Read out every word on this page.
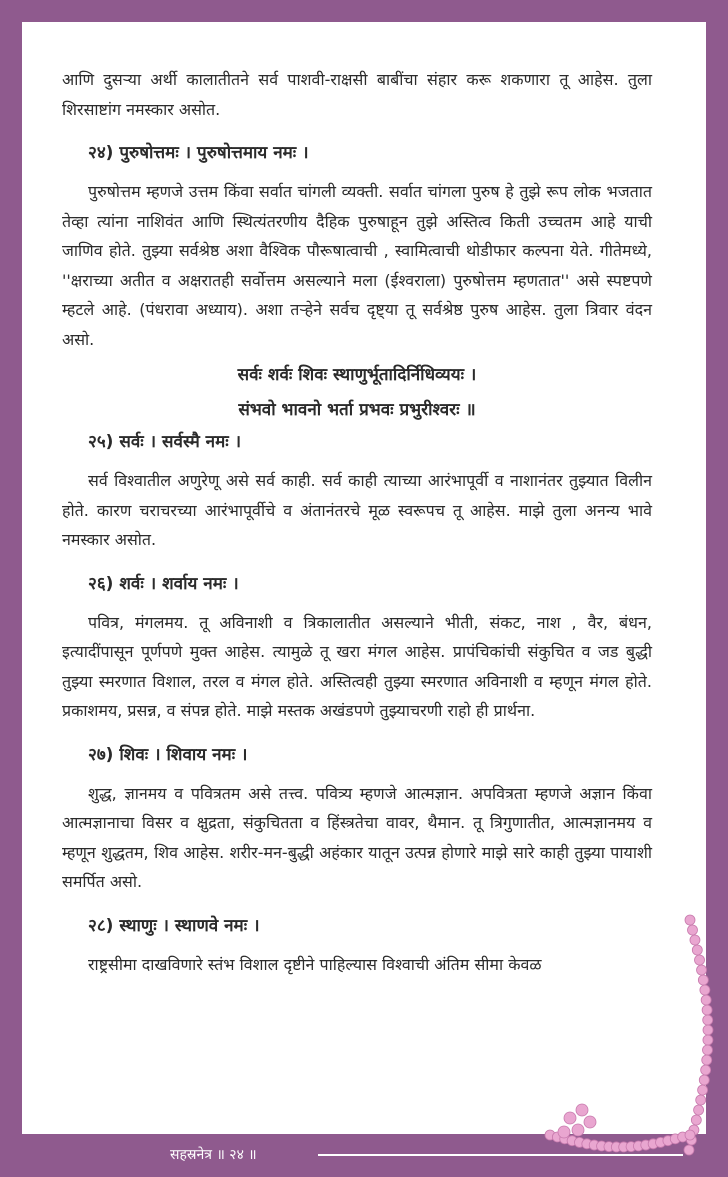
आणि दुसऱ्या अर्थी कालातीतने सर्व पाशवी-राक्षसी बाबींचा संहार करू शकणारा तू आहेस. तुला शिरसाष्टांग नमस्कार असोत.

२४) पुरुषोत्तमः । पुरुषोत्तमाय नमः ।

पुरुषोत्तम म्हणजे उत्तम किंवा सर्वात चांगली व्यक्ती. सर्वात चांगला पुरुष हे तुझे रूप लोक भजतात तेव्हा त्यांना नाशिवंत आणि स्थित्यंतरणीय दैहिक पुरुषाहून तुझे अस्तित्व किती उच्चतम आहे याची जाणिव होते. तुझ्या सर्वश्रेष्ठ अशा वैश्विक पौरूषात्वाची , स्वामित्वाची थोडीफार कल्पना येते. गीतेमध्ये, ''क्षराच्या अतीत व अक्षरातही सर्वोत्तम असल्याने मला (ईश्वराला) पुरुषोत्तम म्हणतात'' असे स्पष्टपणे म्हटले आहे. (पंधरावा अध्याय). अशा तऱ्हेने सर्वच दृष्ट्या तू सर्वश्रेष्ठ पुरुष आहेस. तुला त्रिवार वंदन असो.

सर्वः शर्वः शिवः स्थाणुर्भूतादिर्निधिव्ययः ।
संभवो भावनो भर्ता प्रभवः प्रभुरीश्वरः ॥
२५) सर्वः । सर्वस्मै नमः ।

सर्व विश्वातील अणुरेणू असे सर्व काही. सर्व काही त्याच्या आरंभापूर्वी व नाशानंतर तुझ्यात विलीन होते. कारण चराचरच्या आरंभापूर्वीचे व अंतानंतरचे मूळ स्वरूपच तू आहेस. माझे तुला अनन्य भावे नमस्कार असोत.

२६) शर्वः । शर्वाय नमः ।

पवित्र, मंगलमय. तू अविनाशी व त्रिकालातीत असल्याने भीती, संकट, नाश , वैर, बंधन, इत्यादींपासून पूर्णपणे मुक्त आहेस. त्यामुळे तू खरा मंगल आहेस. प्रापंचिकांची संकुचित व जड बुद्धी तुझ्या स्मरणात विशाल, तरल व मंगल होते. अस्तित्वही तुझ्या स्मरणात अविनाशी व म्हणून मंगल होते. प्रकाशमय, प्रसन्न, व संपन्न होते. माझे मस्तक अखंडपणे तुझ्याचरणी राहो ही प्रार्थना.

२७) शिवः । शिवाय नमः ।

शुद्ध, ज्ञानमय व पवित्रतम असे तत्त्व. पवित्र्य म्हणजे आत्मज्ञान. अपवित्रता म्हणजे अज्ञान किंवा आत्मज्ञानाचा विसर व क्षुद्रता, संकुचितता व हिंस्त्रतेचा वावर, थैमान. तू त्रिगुणातीत, आत्मज्ञानमय व म्हणून शुद्धतम, शिव आहेस. शरीर-मन-बुद्धी अहंकार यातून उत्पन्न होणारे माझे सारे काही तुझ्या पायाशी समर्पित असो.

२८) स्थाणुः । स्थाणवे नमः ।

राष्ट्रसीमा दाखविणारे स्तंभ विशाल दृष्टीने पाहिल्यास विश्वाची अंतिम सीमा केवळ

सहस्रनेत्र ॥ २४ ॥
